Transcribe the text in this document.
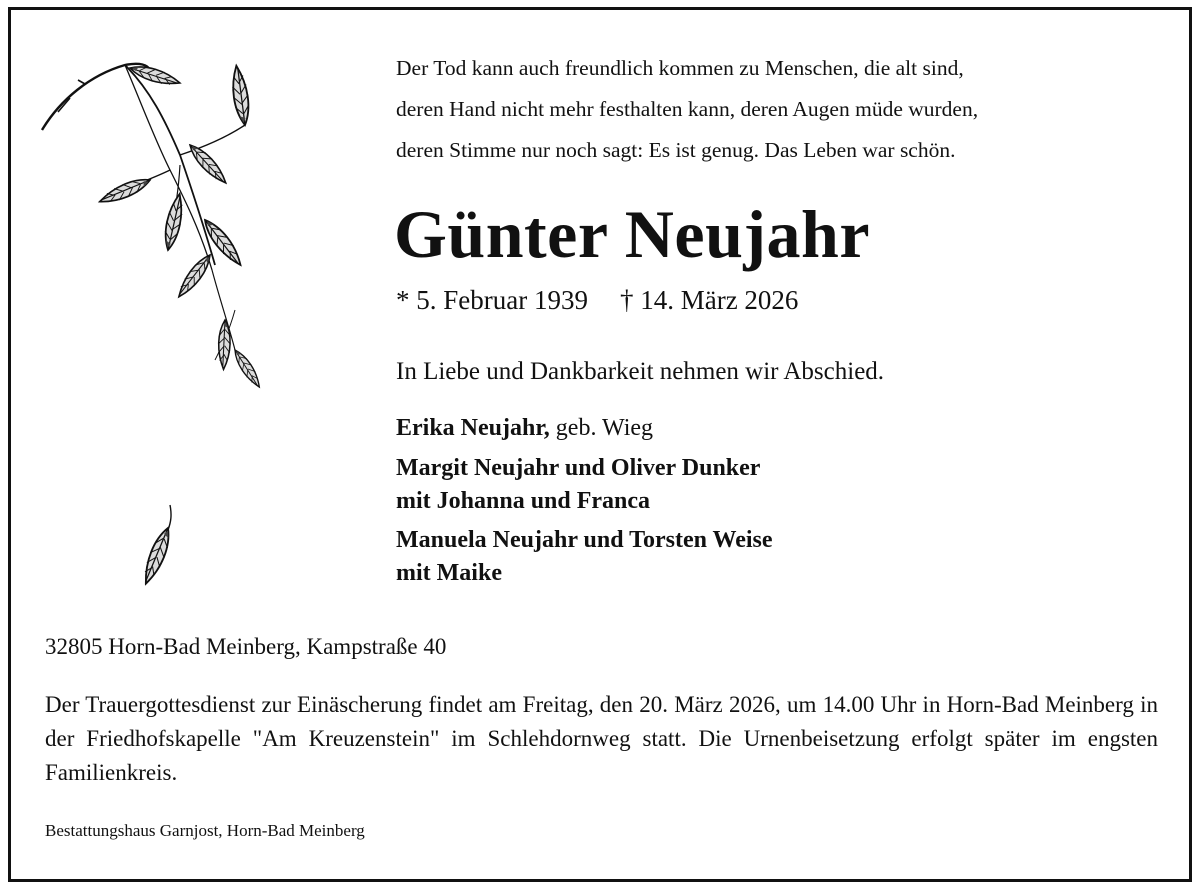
Der Tod kann auch freundlich kommen zu Menschen, die alt sind,
deren Hand nicht mehr festhalten kann, deren Augen müde wurden,
deren Stimme nur noch sagt: Es ist genug. Das Leben war schön.
Günter Neujahr
* 5. Februar 1939 † 14. März 2026
In Liebe und Dankbarkeit nehmen wir Abschied.
Erika Neujahr, geb. Wieg
Margit Neujahr und Oliver Dunker
mit Johanna und Franca
Manuela Neujahr und Torsten Weise
mit Maike
32805 Horn-Bad Meinberg, Kampstraße 40
Der Trauergottesdienst zur Einäscherung findet am Freitag, den 20. März 2026, um 14.00 Uhr in Horn-Bad Meinberg in der Friedhofskapelle "Am Kreuzenstein" im Schlehdornweg statt. Die Urnenbeisetzung erfolgt später im engsten Familienkreis.
Bestattungshaus Garnjost, Horn-Bad Meinberg
